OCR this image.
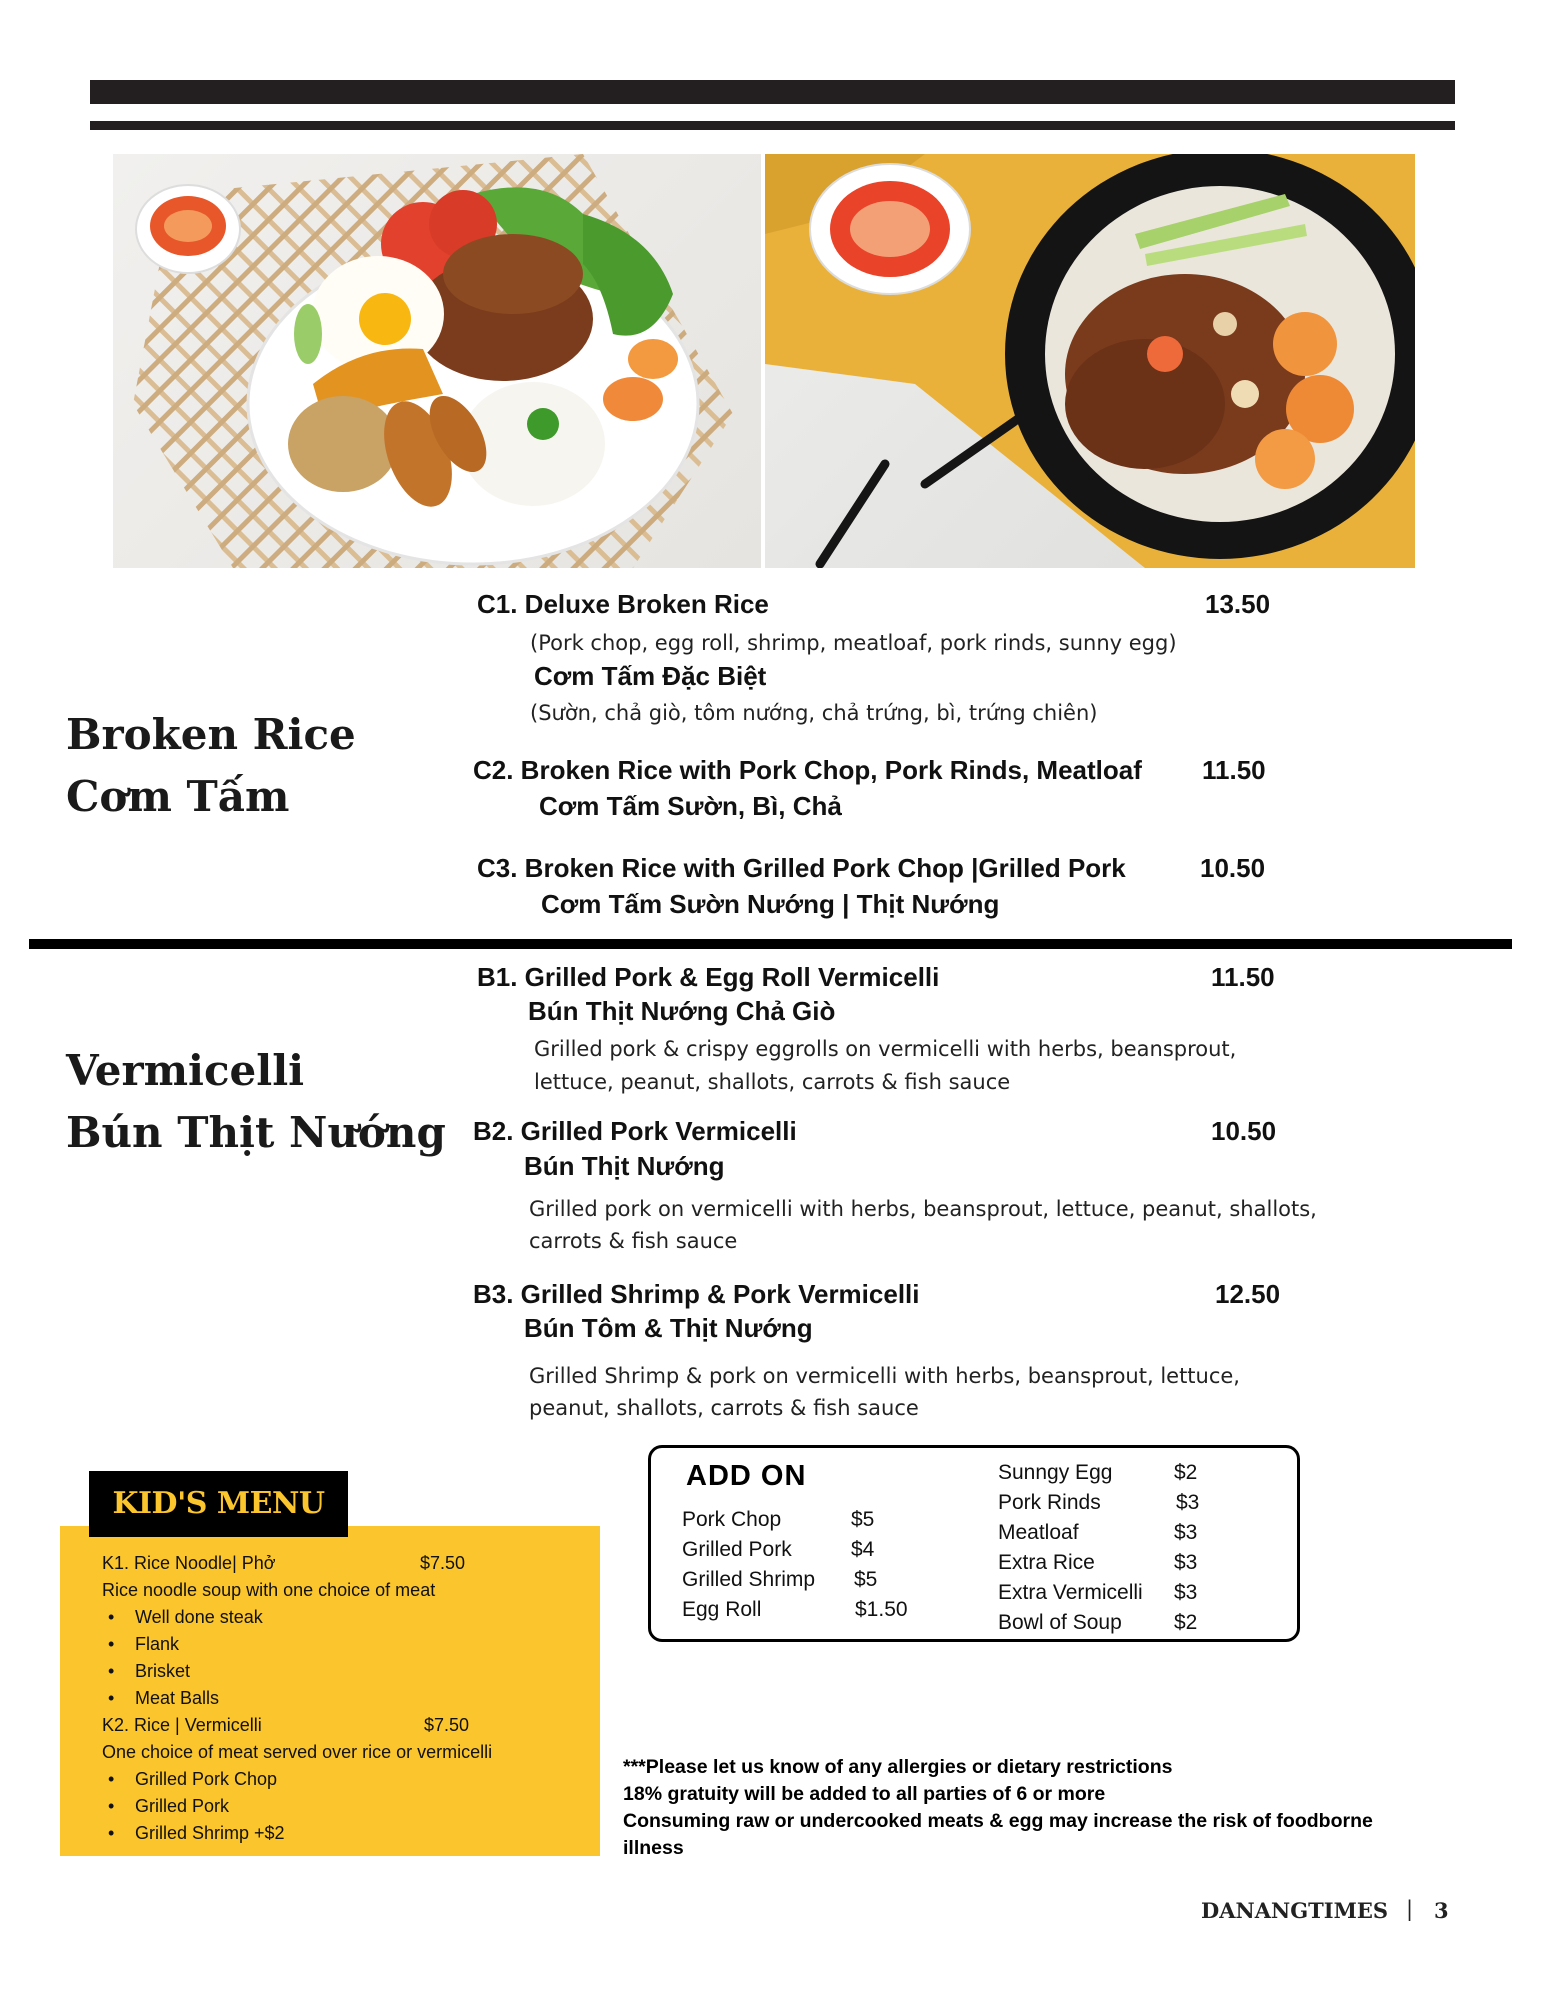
Broken Rice
Cơm Tấm
C1. Deluxe Broken Rice	13.50
(Pork chop, egg roll, shrimp, meatloaf, pork rinds, sunny egg)
Cơm Tấm Đặc Biệt
(Sườn, chả giò, tôm nướng, chả trứng, bì, trứng chiên)
C2. Broken Rice with Pork Chop, Pork Rinds, Meatloaf 11.50
Cơm Tấm Sườn, Bì, Chả
C3. Broken Rice with Grilled Pork Chop |Grilled Pork	10.50
Cơm Tấm Sườn Nướng | Thịt Nướng
Vermicelli
Bún Thịt Nướng
B1. Grilled Pork & Egg Roll Vermicelli	11.50
Bún Thịt Nướng Chả Giò
Grilled pork & crispy eggrolls on vermicelli with herbs, beansprout,
lettuce, peanut, shallots, carrots & fish sauce
B2. Grilled Pork Vermicelli	10.50
Bún Thịt Nướng
Grilled pork on vermicelli with herbs, beansprout, lettuce, peanut, shallots,
carrots & fish sauce
B3. Grilled Shrimp & Pork Vermicelli	12.50
Bún Tôm & Thịt Nướng
Grilled Shrimp & pork on vermicelli with herbs, beansprout, lettuce,
peanut, shallots, carrots & fish sauce
KID'S MENU
K1. Rice Noodle| Phở	$7.50
Rice noodle soup with one choice of meat
• Well done steak
• Flank
• Brisket
• Meat Balls
K2. Rice | Vermicelli	$7.50
One choice of meat served over rice or vermicelli
• Grilled Pork Chop
• Grilled Pork
• Grilled Shrimp +$2
ADD ON
Pork Chop	$5
Grilled Pork	$4
Grilled Shrimp $5
Egg Roll	$1.50
Sunngy Egg	$2
Pork Rinds	$3
Meatloaf	$3
Extra Rice	$3
Extra Vermicelli $3
Bowl of Soup $2
***Please let us know of any allergies or dietary restrictions
18% gratuity will be added to all parties of 6 or more
Consuming raw or undercooked meats & egg may increase the risk of foodborne
illness
DANANGTIMES | 3
